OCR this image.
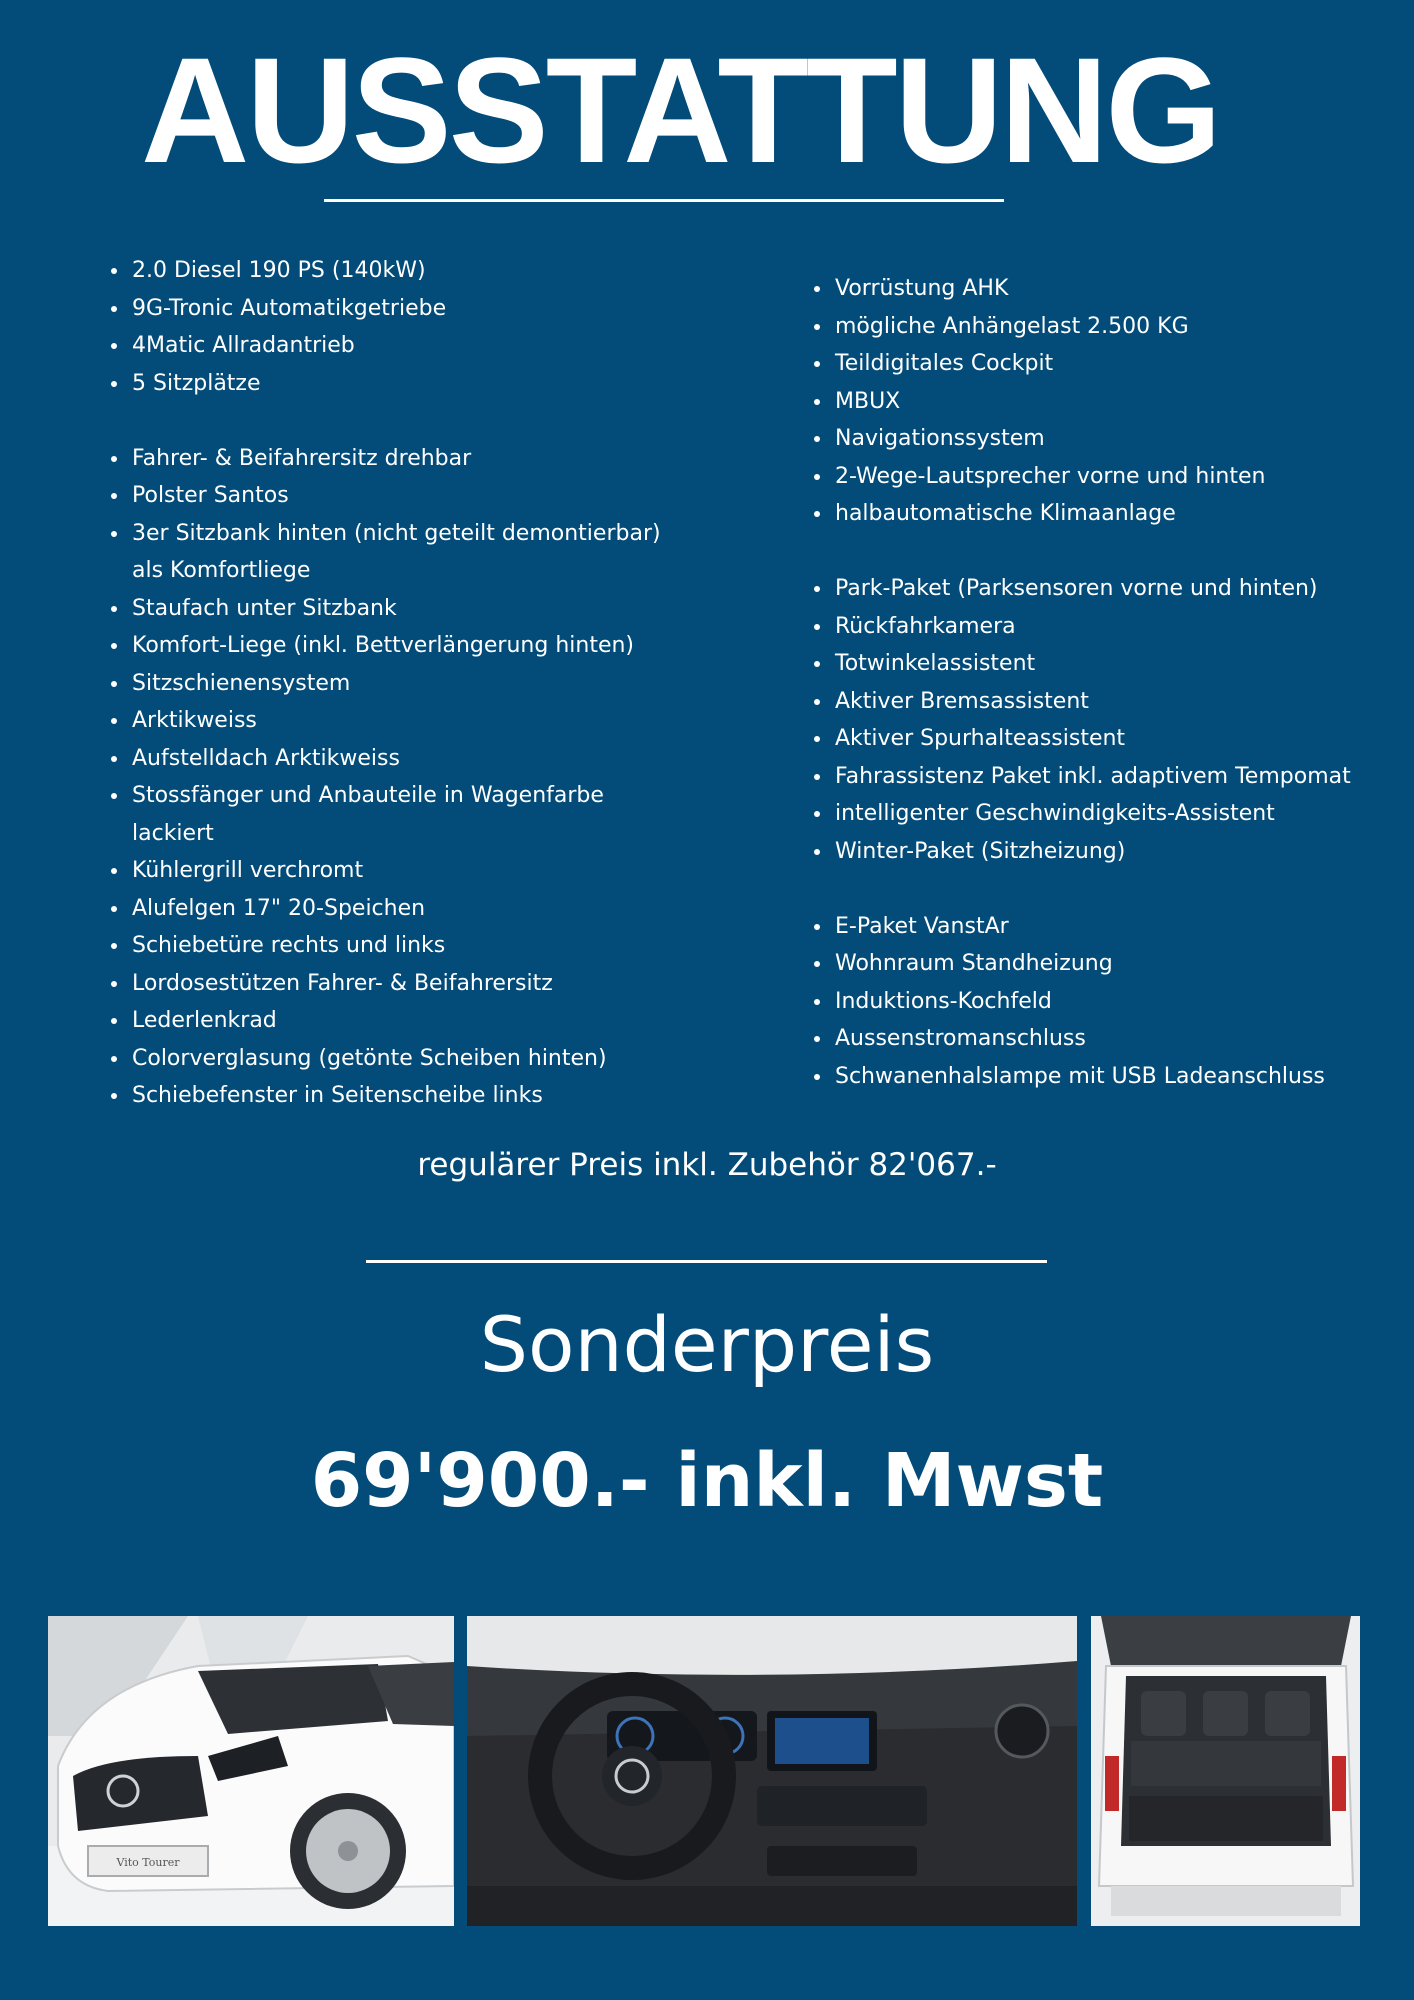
AUSSTATTUNG
2.0 Diesel 190 PS (140kW)
9G-Tronic Automatikgetriebe
4Matic Allradantrieb
5 Sitzplätze
Fahrer- & Beifahrersitz drehbar
Polster Santos
3er Sitzbank hinten (nicht geteilt demontierbar)
als Komfortliege
Staufach unter Sitzbank
Komfort-Liege (inkl. Bettverlängerung hinten)
Sitzschienensystem
Arktikweiss
Aufstelldach Arktikweiss
Stossfänger und Anbauteile in Wagenfarbe
lackiert
Kühlergrill verchromt
Alufelgen 17" 20-Speichen
Schiebetüre rechts und links
Lordosestützen Fahrer- & Beifahrersitz
Lederlenkrad
Colorverglasung (getönte Scheiben hinten)
Schiebefenster in Seitenscheibe links
Vorrüstung AHK
mögliche Anhängelast 2.500 KG
Teildigitales Cockpit
MBUX
Navigationssystem
2-Wege-Lautsprecher vorne und hinten
halbautomatische Klimaanlage
Park-Paket (Parksensoren vorne und hinten)
Rückfahrkamera
Totwinkelassistent
Aktiver Bremsassistent
Aktiver Spurhalteassistent
Fahrassistenz Paket inkl. adaptivem Tempomat
intelligenter Geschwindigkeits-Assistent
Winter-Paket (Sitzheizung)
E-Paket VanstAr
Wohnraum Standheizung
Induktions-Kochfeld
Aussenstromanschluss
Schwanenhalslampe mit USB Ladeanschluss
regulärer Preis inkl. Zubehör 82'067.-
Sonderpreis
69'900.- inkl. Mwst
Vito Tourer
